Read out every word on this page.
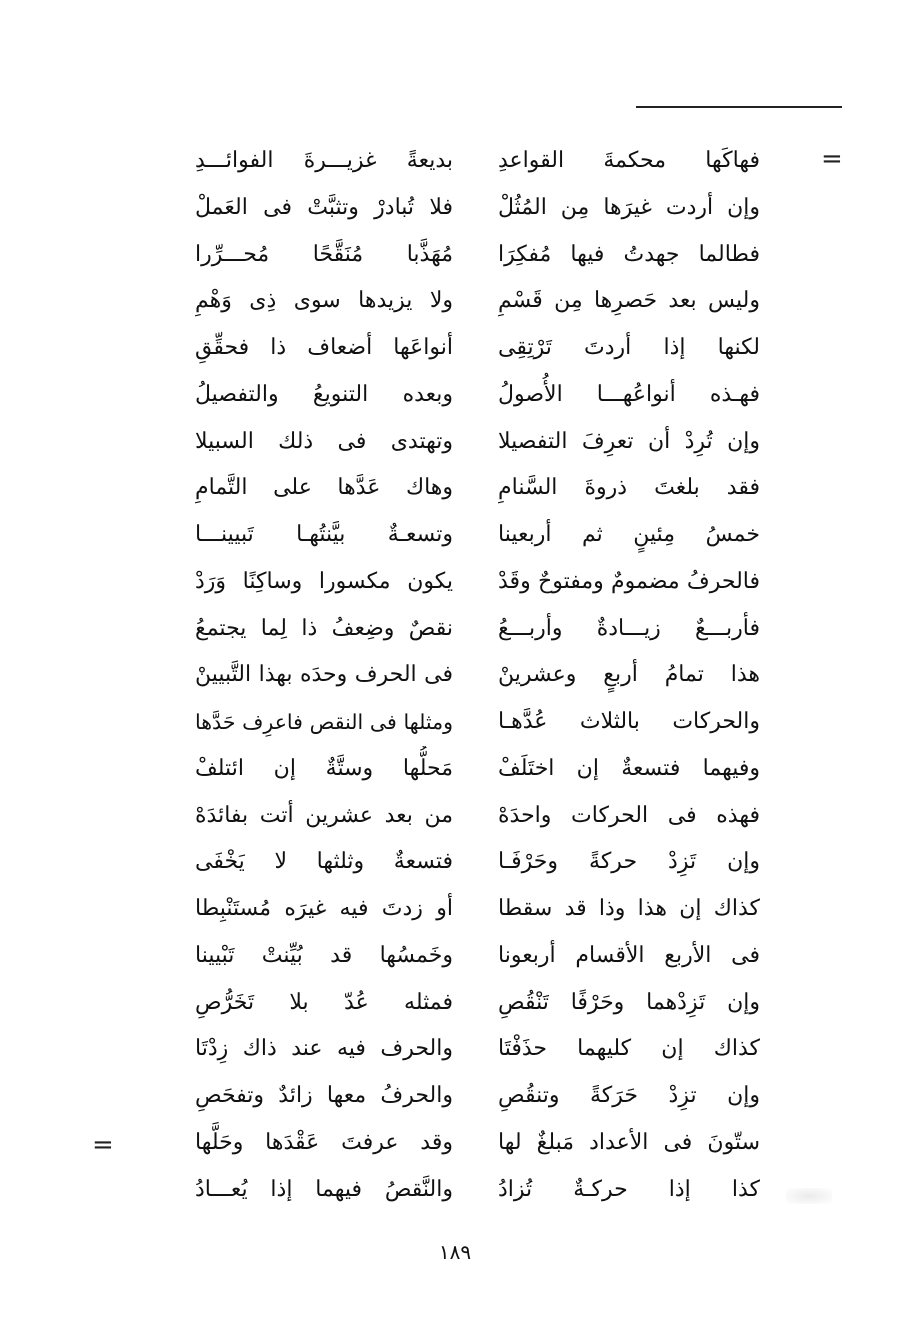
=
فهاكَها محكمةَ القواعدِ
وإن أردت غيرَها مِن المُثُلْ
فطالما جهدتُ فيها مُفكِرَا
وليس بعد حَصرِها مِن قَسْمِ
لكنها إذا أردتَ تَرْتِقِى
فهـذه أنواعُهـــا الأُصولُ
وإن تُرِدْ أن تعرِفَ التفصيلا
فقد بلغتَ ذروةَ السَّنامِ
خمسُ مِئينٍ ثم أربعينا
فالحرفُ مضمومٌ ومفتوحٌ وقَدْ
فأربـــعٌ زيـــادةٌ وأربـــعُ
هذا تمامُ أربعٍ وعشرينْ
والحركات بالثلاث عُدَّهـا
وفيهما فتسعةٌ إن اختَلَفْ
فهذه فى الحركات واحدَهْ
وإن تَزِدْ حركةً وحَرْفَـا
كذاك إن هذا وذا قد سقطا
فى الأربع الأقسام أربعونا
وإن تَزِدْهما وحَرْفًا تَنْقُصِ
كذاك إن كليهما حذَفْتَا
وإن تزِدْ حَرَكةً وتنقُصِ
ستّونَ فى الأعداد مَبلغٌ لها
كذا إذا حركـةٌ تُزادُ
بديعةً غزيـــرةَ الفوائـــدِ
فلا تُبادرْ وتثبَّتْ فى العَملْ
مُهَذَّبا مُنَقَّحًا مُحـــرِّرا
ولا يزيدها سوى ذِى وَهْمِ
أنواعَها أضعاف ذا فحقِّقِ
وبعده التنويعُ والتفصيلُ
وتهتدى فى ذلك السبيلا
وهاك عَدَّها على التَّمامِ
وتسعـةٌ بيَّنتُهـا تَبيينـــا
يكون مكسورا وساكِنًا وَرَدْ
نقصٌ وضِعفُ ذا لِما يجتمعُ
فى الحرف وحدَه بهذا التَّبيينْ
ومثلها فى النقص فاعرِف حَدَّها
مَحلُّها وستَّةٌ إن ائتلفْ
من بعد عشرين أتت بفائدَهْ
فتسعةٌ وثلثها لا يَخْفَى
أو زدتَ فيه غيرَه مُستَنْبِطا
وخَمسُها قد بُيِّنتْ تَبْيينا
فمثله عُدّ بلا تَخَرُّصِ
والحرف فيه عند ذاك زِدْتَا
والحرفُ معها زائدٌ وتفحَصِ
وقد عرفتَ عَقْدَها وحَلَّها
والنَّقصُ فيهما إذا يُعـــادُ
=
١٨٩
